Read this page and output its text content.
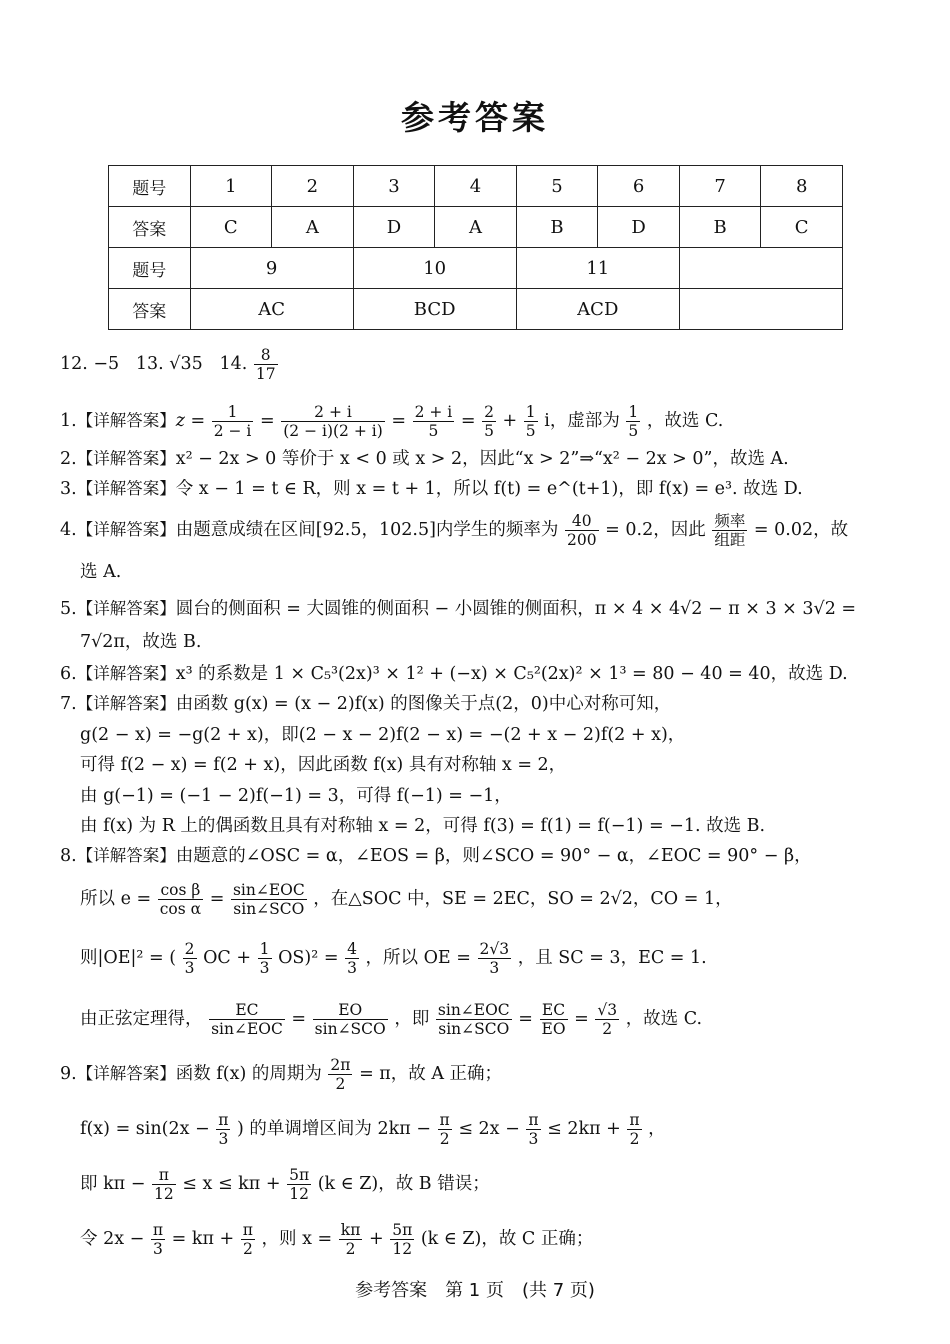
参考答案
题号	1	2	3	4	5	6	7	8
答案	C	A	D	A	B	D	B	C
题号	9		10		11			
答案	AC		BCD		ACD			
12. −5 13. √35 14. $\frac{8}{17}$
1.【详解答案】$z = \frac{1}{2 - i} = \frac{2 + i}{(2 - i)(2 + i)} = \frac{2 + i}{5} = \frac{2}{5} + \frac{1}{5}$ i，虚部为 $\frac{1}{5}$ ，故选 C.
2.【详解答案】x² − 2x > 0 等价于 x < 0 或 x > 2，因此“x > 2”⇒“x² − 2x > 0”，故选 A.
3.【详解答案】令 x − 1 = t ∈ R，则 x = t + 1，所以 f(t) = e^(t+1)，即 f(x) = e³. 故选 D.
4.【详解答案】由题意成绩在区间[92.5，102.5]内学生的频率为 $\frac{40}{200} = 0.2$，因此 频率
组距 = 0.02，故
选 A.
5.【详解答案】圆台的侧面积 = 大圆锥的侧面积 − 小圆锥的侧面积，π × 4 × 4√2 − π × 3 × 3√2 =
7√2π，故选 B.
6.【详解答案】x³ 的系数是 1 × C₅³(2x)³ × 1² + (−x) × C₅²(2x)² × 1³ = 80 − 40 = 40，故选 D.
7.【详解答案】由函数 g(x) = (x − 2)f(x) 的图像关于点(2，0)中心对称可知，
g(2 − x) = −g(2 + x)，即(2 − x − 2)f(2 − x) = −(2 + x − 2)f(2 + x)，
可得 f(2 − x) = f(2 + x)，因此函数 f(x) 具有对称轴 x = 2，
由 g(−1) = (−1 − 2)f(−1) = 3，可得 f(−1) = −1，
由 f(x) 为 R 上的偶函数且具有对称轴 x = 2，可得 f(3) = f(1) = f(−1) = −1. 故选 B.
8.【详解答案】由题意的∠OSC = α，∠EOS = β，则∠SCO = 90° − α，∠EOC = 90° − β，
所以 $e = \frac{\text{cos β}}{\text{cos α}}$ = sin∠EOC
sin∠SCO ，在△SOC 中，SE = 2EC，SO = 2√2，CO = 1，
则|OE|² = ( $\frac{2}{3}$ OC + $\frac{1}{3} OS)^2 = \frac{4}{3}$ ，所以 OE = $\frac{2√3}{3}$ ，且 SC = 3，EC = 1.
由正弦定理得，	EC
sin∠EOC =	EO
sin∠SCO ，即 sin∠EOC
sin∠SCO = $\frac{EC}{EO} = \frac{√3}{2}$ ，故选 C.
9.【详解答案】函数 f(x) 的周期为 $\frac{2\pi}{2} = \pi$，故 A 正确；
$f(x) = \sin(2x - \frac{\pi}{3}$ ) 的单调增区间为 $2k\pi - \frac{\pi}{2} \le 2x - \frac{\pi}{3} \le 2k\pi + \frac{\pi}{2}$ ，
即 $k\pi - \frac{\pi}{12} \le x \le k\pi + \frac{5\pi}{12} (k$ ∈ Z)，故 B 错误；
令 $2x - \frac{\pi}{3} = k\pi + \frac{\pi}{2}$ ，则 $x = \frac{k\pi}{2} + \frac{5\pi}{12} (k$ ∈ Z)，故 C 正确；
参考答案　第 1 页　(共 7 页)
